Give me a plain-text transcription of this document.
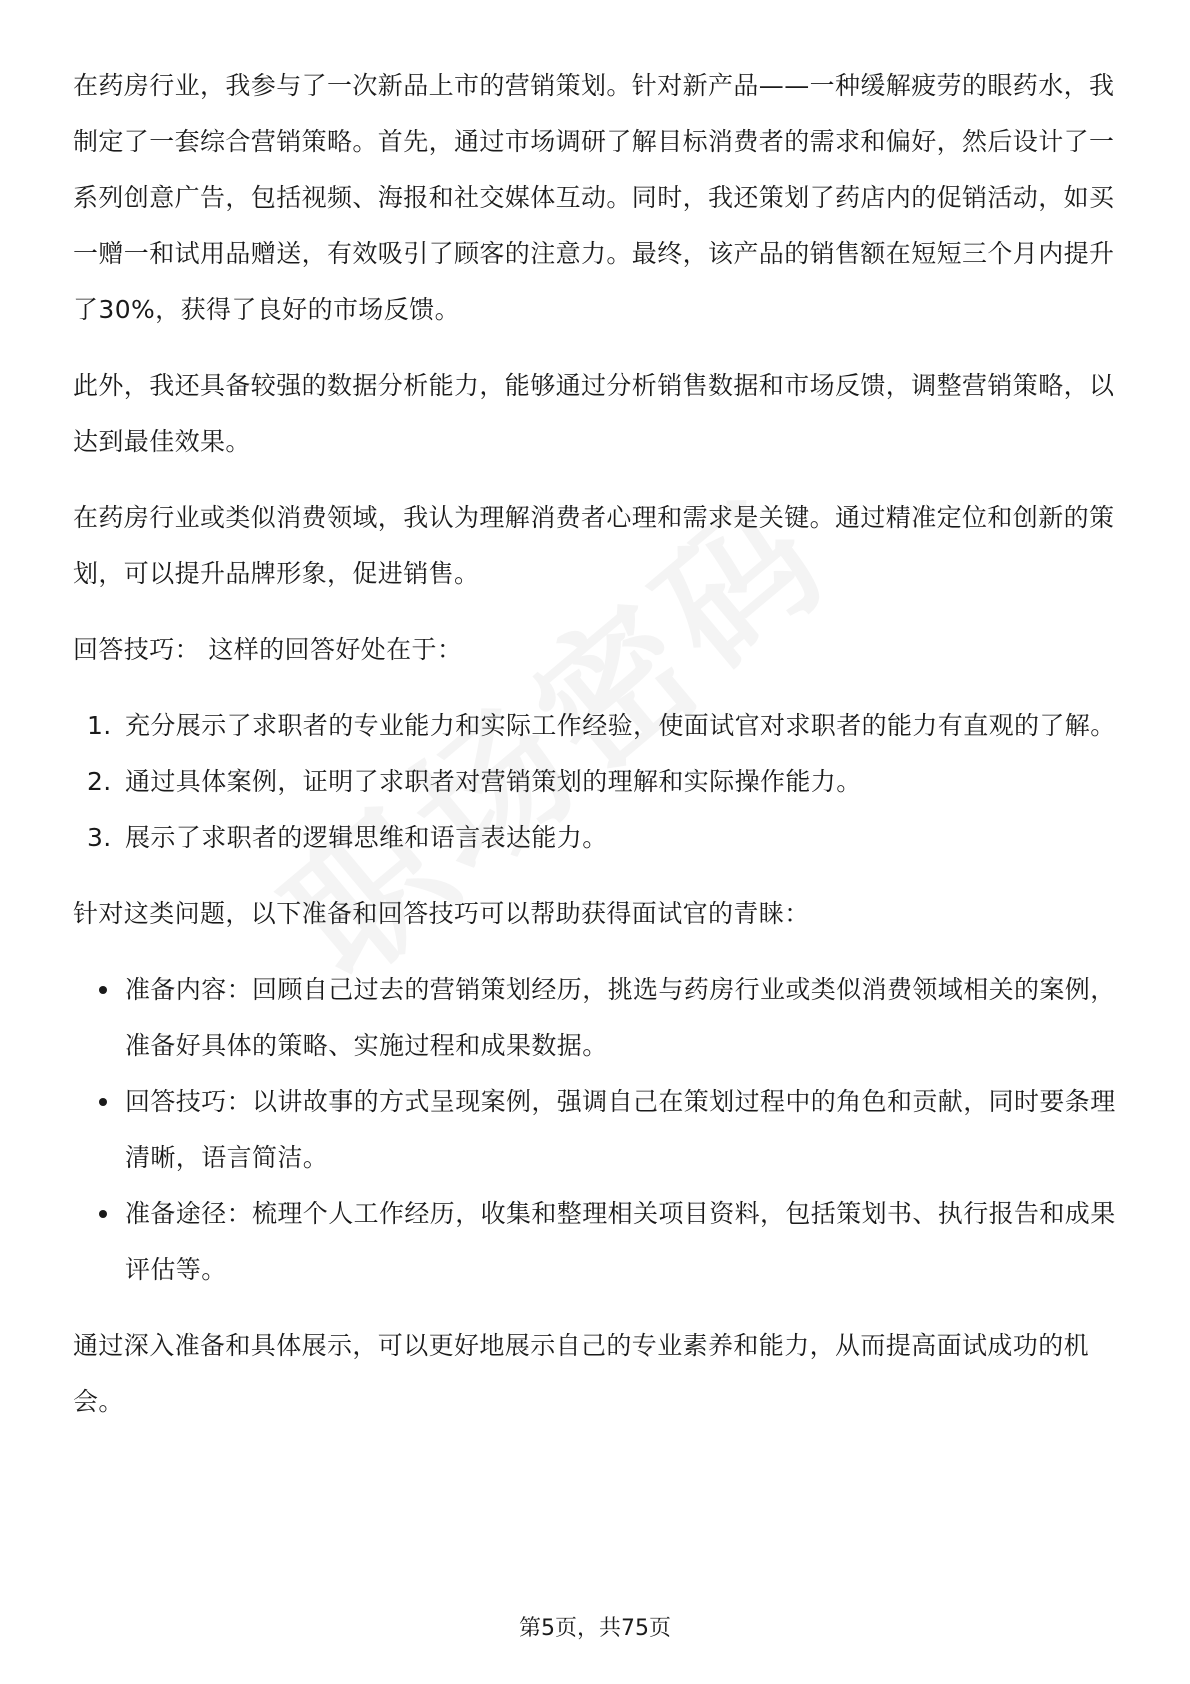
在药房行业，我参与了一次新品上市的营销策划。针对新产品——一种缓解疲劳的眼药水，我制定了一套综合营销策略。首先，通过市场调研了解目标消费者的需求和偏好，然后设计了一系列创意广告，包括视频、海报和社交媒体互动。同时，我还策划了药店内的促销活动，如买一赠一和试用品赠送，有效吸引了顾客的注意力。最终，该产品的销售额在短短三个月内提升了30%，获得了良好的市场反馈。

此外，我还具备较强的数据分析能力，能够通过分析销售数据和市场反馈，调整营销策略，以达到最佳效果。

在药房行业或类似消费领域，我认为理解消费者心理和需求是关键。通过精准定位和创新的策划，可以提升品牌形象，促进销售。

回答技巧： 这样的回答好处在于：

1. 充分展示了求职者的专业能力和实际工作经验，使面试官对求职者的能力有直观的了解。
2. 通过具体案例，证明了求职者对营销策划的理解和实际操作能力。
3. 展示了求职者的逻辑思维和语言表达能力。

针对这类问题，以下准备和回答技巧可以帮助获得面试官的青睐：

准备内容：回顾自己过去的营销策划经历，挑选与药房行业或类似消费领域相关的案例，准备好具体的策略、实施过程和成果数据。
回答技巧：以讲故事的方式呈现案例，强调自己在策划过程中的角色和贡献，同时要条理清晰，语言简洁。
准备途径：梳理个人工作经历，收集和整理相关项目资料，包括策划书、执行报告和成果评估等。

通过深入准备和具体展示，可以更好地展示自己的专业素养和能力，从而提高面试成功的机会。

第5页，共75页
